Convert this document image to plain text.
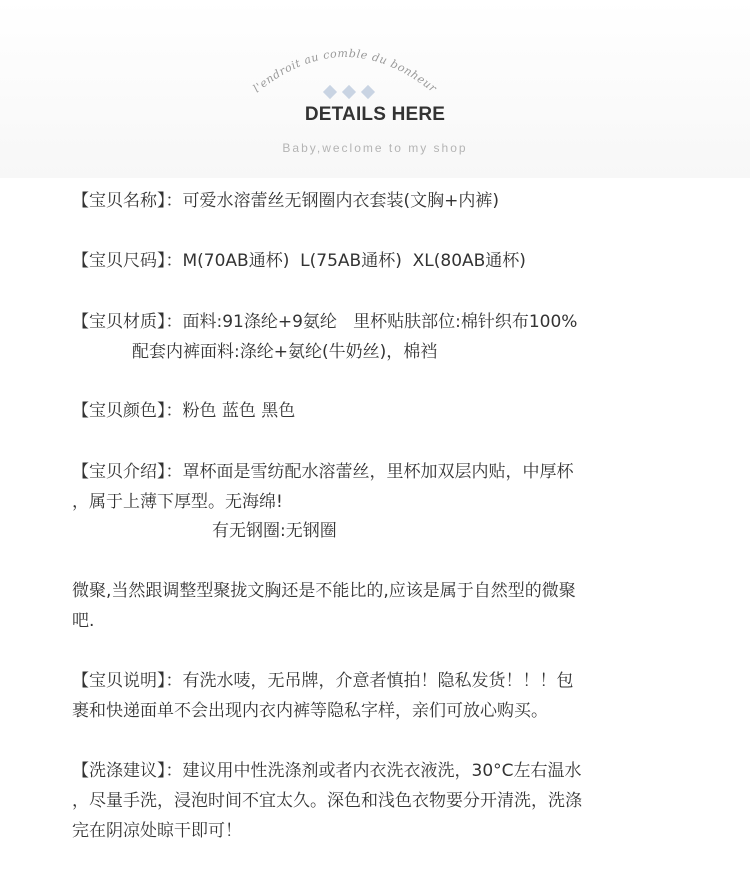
l'endroit au comble du bonheur
DETAILS HERE
Baby,weclome to my shop
【宝贝名称】：可爱水溶蕾丝无钢圈内衣套装(文胸+内裤)
【宝贝尺码】：M(70AB通杯)  L(75AB通杯)  XL(80AB通杯)
【宝贝材质】：面料:91涤纶+9氨纶   里杯贴肤部位:棉针织布100%
配套内裤面料:涤纶+氨纶(牛奶丝)，棉裆
【宝贝颜色】：粉色 蓝色 黑色
【宝贝介绍】：罩杯面是雪纺配水溶蕾丝，里杯加双层内贴，中厚杯
，属于上薄下厚型。无海绵!
有无钢圈:无钢圈
微聚,当然跟调整型聚拢文胸还是不能比的,应该是属于自然型的微聚
吧.
【宝贝说明】：有洗水唛，无吊牌，介意者慎拍！隐私发货！！！包
裹和快递面单不会出现内衣内裤等隐私字样，亲们可放心购买。
【洗涤建议】：建议用中性洗涤剂或者内衣洗衣液洗，30°C左右温水
，尽量手洗，浸泡时间不宜太久。深色和浅色衣物要分开清洗，洗涤
完在阴凉处晾干即可！
